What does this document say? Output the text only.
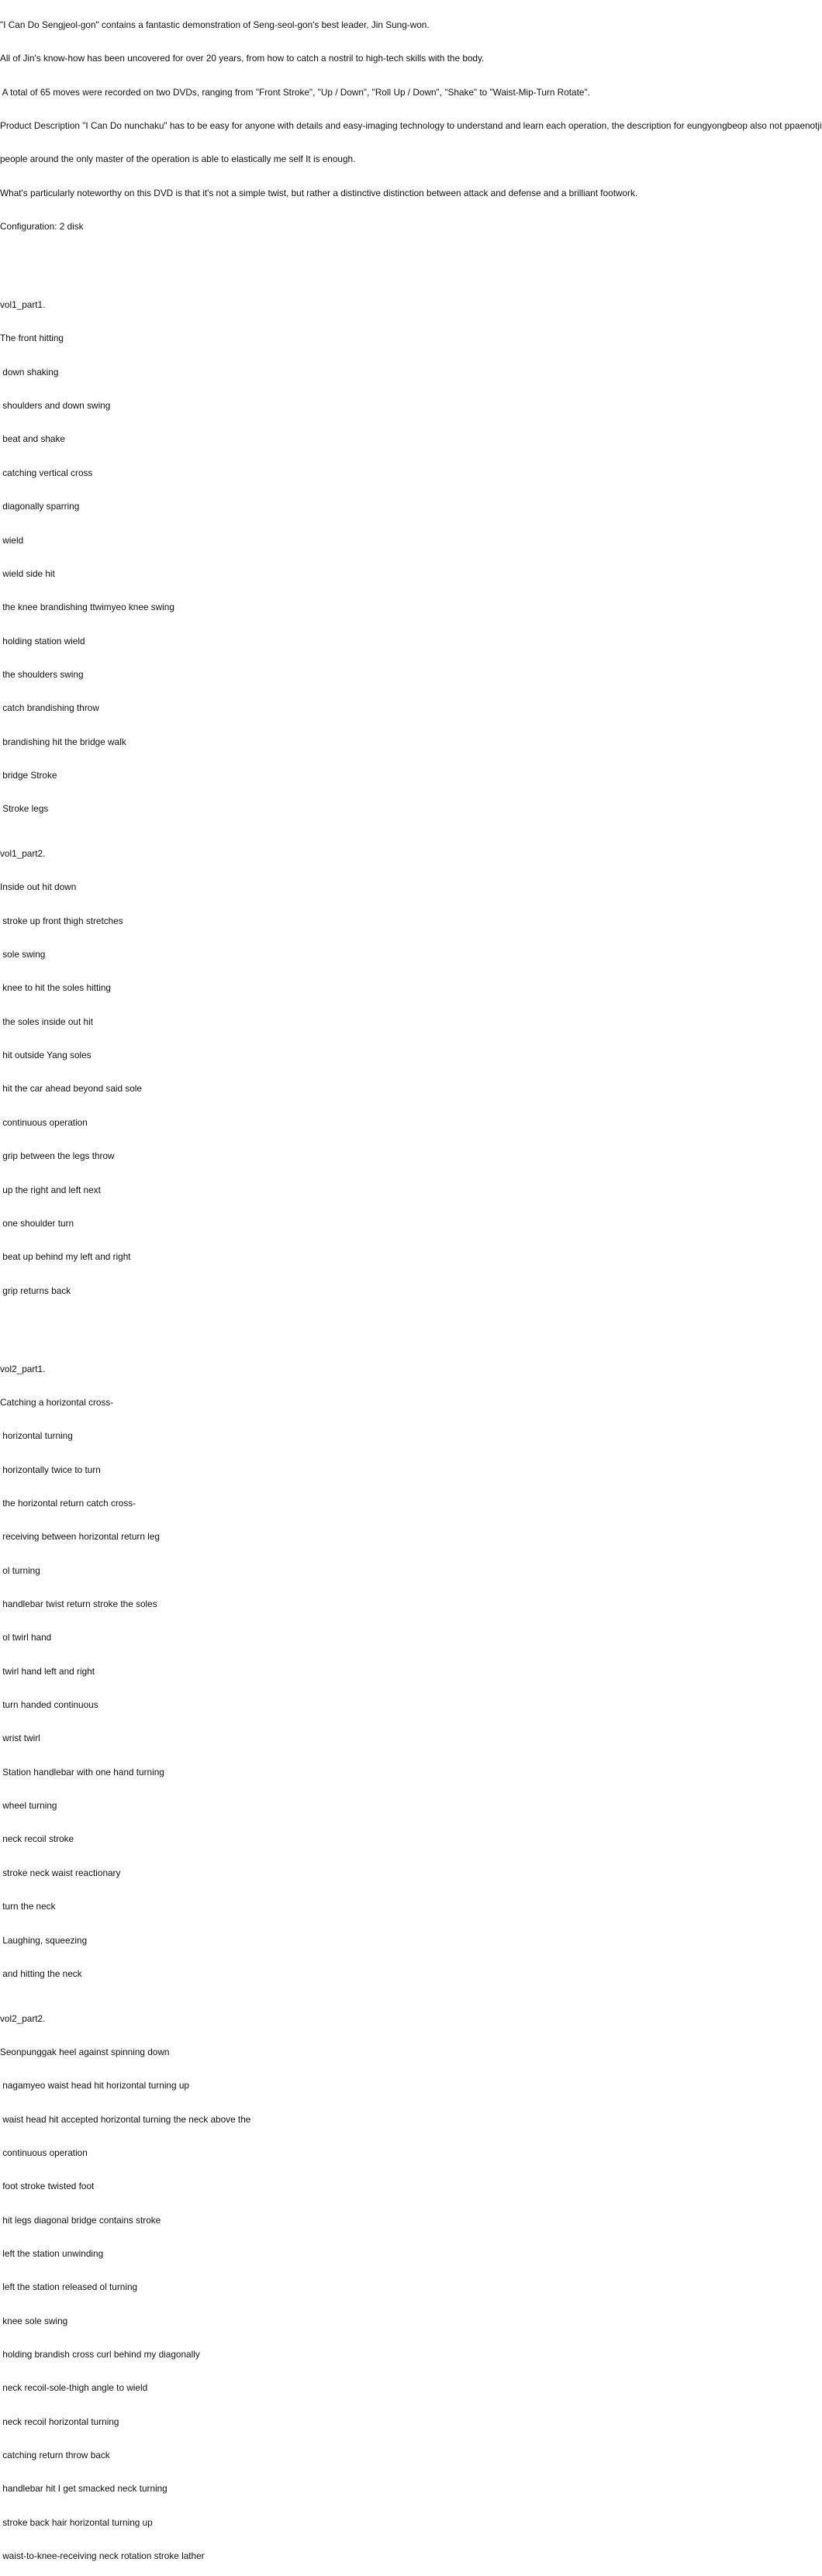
"I Can Do Sengjeol-gon" contains a fantastic demonstration of Seng-seol-gon's best leader, Jin Sung-won.

All of Jin's know-how has been uncovered for over 20 years, from how to catch a nostril to high-tech skills with the body.

A total of 65 moves were recorded on two DVDs, ranging from "Front Stroke", "Up / Down", "Roll Up / Down", "Shake" to "Waist-Mip-Turn Rotate".

Product Description "I Can Do nunchaku" has to be easy for anyone with details and easy-imaging technology to understand and learn each operation, the description for eungyongbeop also not ppaenotji

people around the only master of the operation is able to elastically me self It is enough.

What's particularly noteworthy on this DVD is that it's not a simple twist, but rather a distinctive distinction between attack and defense and a brilliant footwork.

Configuration: 2 disk

vol1_part1.

The front hitting

down shaking

shoulders and down swing

beat and shake

catching vertical cross

diagonally sparring

wield

wield side hit

the knee brandishing ttwimyeo knee swing

holding station wield

the shoulders swing

catch brandishing throw

brandishing hit the bridge walk

bridge Stroke

Stroke legs

vol1_part2.

Inside out hit down

stroke up front thigh stretches

sole swing

knee to hit the soles hitting

the soles inside out hit

hit outside Yang soles

hit the car ahead beyond said sole

continuous operation

grip between the legs throw

up the right and left next

one shoulder turn

beat up behind my left and right

grip returns back

vol2_part1.

Catching a horizontal cross-

horizontal turning

horizontally twice to turn

the horizontal return catch cross-

receiving between horizontal return leg

ol turning

handlebar twist return stroke the soles

ol twirl hand

twirl hand left and right

turn handed continuous

wrist twirl

Station handlebar with one hand turning

wheel turning

neck recoil stroke

stroke neck waist reactionary

turn the neck

Laughing, squeezing

and hitting the neck

vol2_part2.

Seonpunggak heel against spinning down

nagamyeo waist head hit horizontal turning up

waist head hit accepted horizontal turning the neck above the

continuous operation

foot stroke twisted foot

hit legs diagonal bridge contains stroke

left the station unwinding

left the station released ol turning

knee sole swing

holding brandish cross curl behind my diagonally

neck recoil-sole-thigh angle to wield

neck recoil horizontal turning

catching return throw back

handlebar hit I get smacked neck turning

stroke back hair horizontal turning up

waist-to-knee-receiving neck rotation stroke lather
